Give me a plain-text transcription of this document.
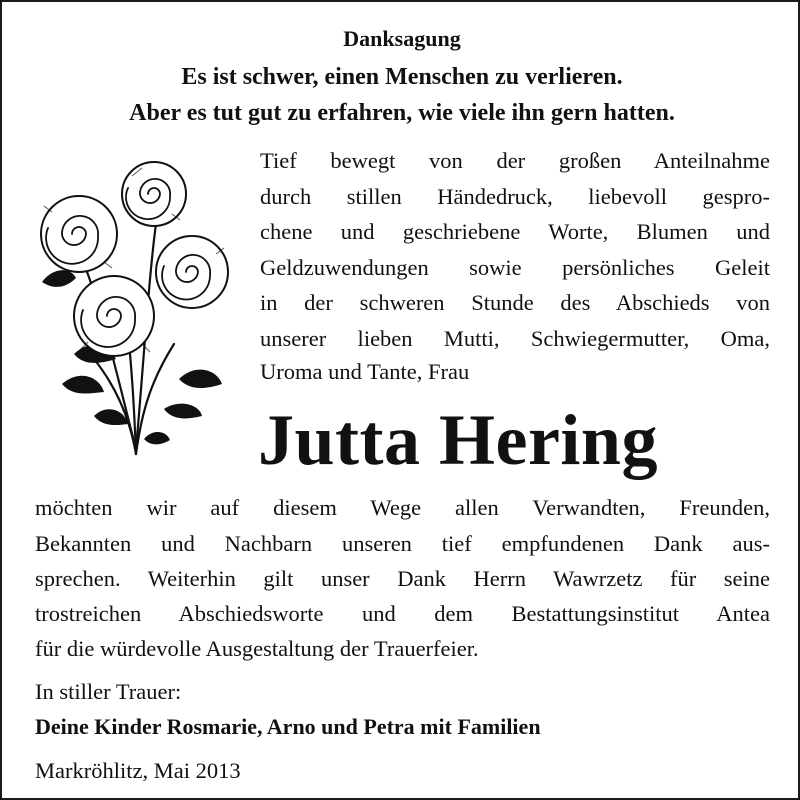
Danksagung
Es ist schwer, einen Menschen zu verlieren.
Aber es tut gut zu erfahren, wie viele ihn gern hatten.
Tief bewegt von der großen Anteilnahme
durch stillen Händedruck, liebevoll gespro-
chene und geschriebene Worte, Blumen und
Geldzuwendungen sowie persönliches Geleit
in der schweren Stunde des Abschieds von
unserer lieben Mutti, Schwiegermutter, Oma,
Uroma und Tante, Frau
Jutta Hering
möchten wir auf diesem Wege allen Verwandten, Freunden,
Bekannten und Nachbarn unseren tief empfundenen Dank aus-
sprechen. Weiterhin gilt unser Dank Herrn Wawrzetz für seine
trostreichen Abschiedsworte und dem Bestattungsinstitut Antea
für die würdevolle Ausgestaltung der Trauerfeier.
In stiller Trauer:
Deine Kinder Rosmarie, Arno und Petra mit Familien
Markröhlitz, Mai 2013
